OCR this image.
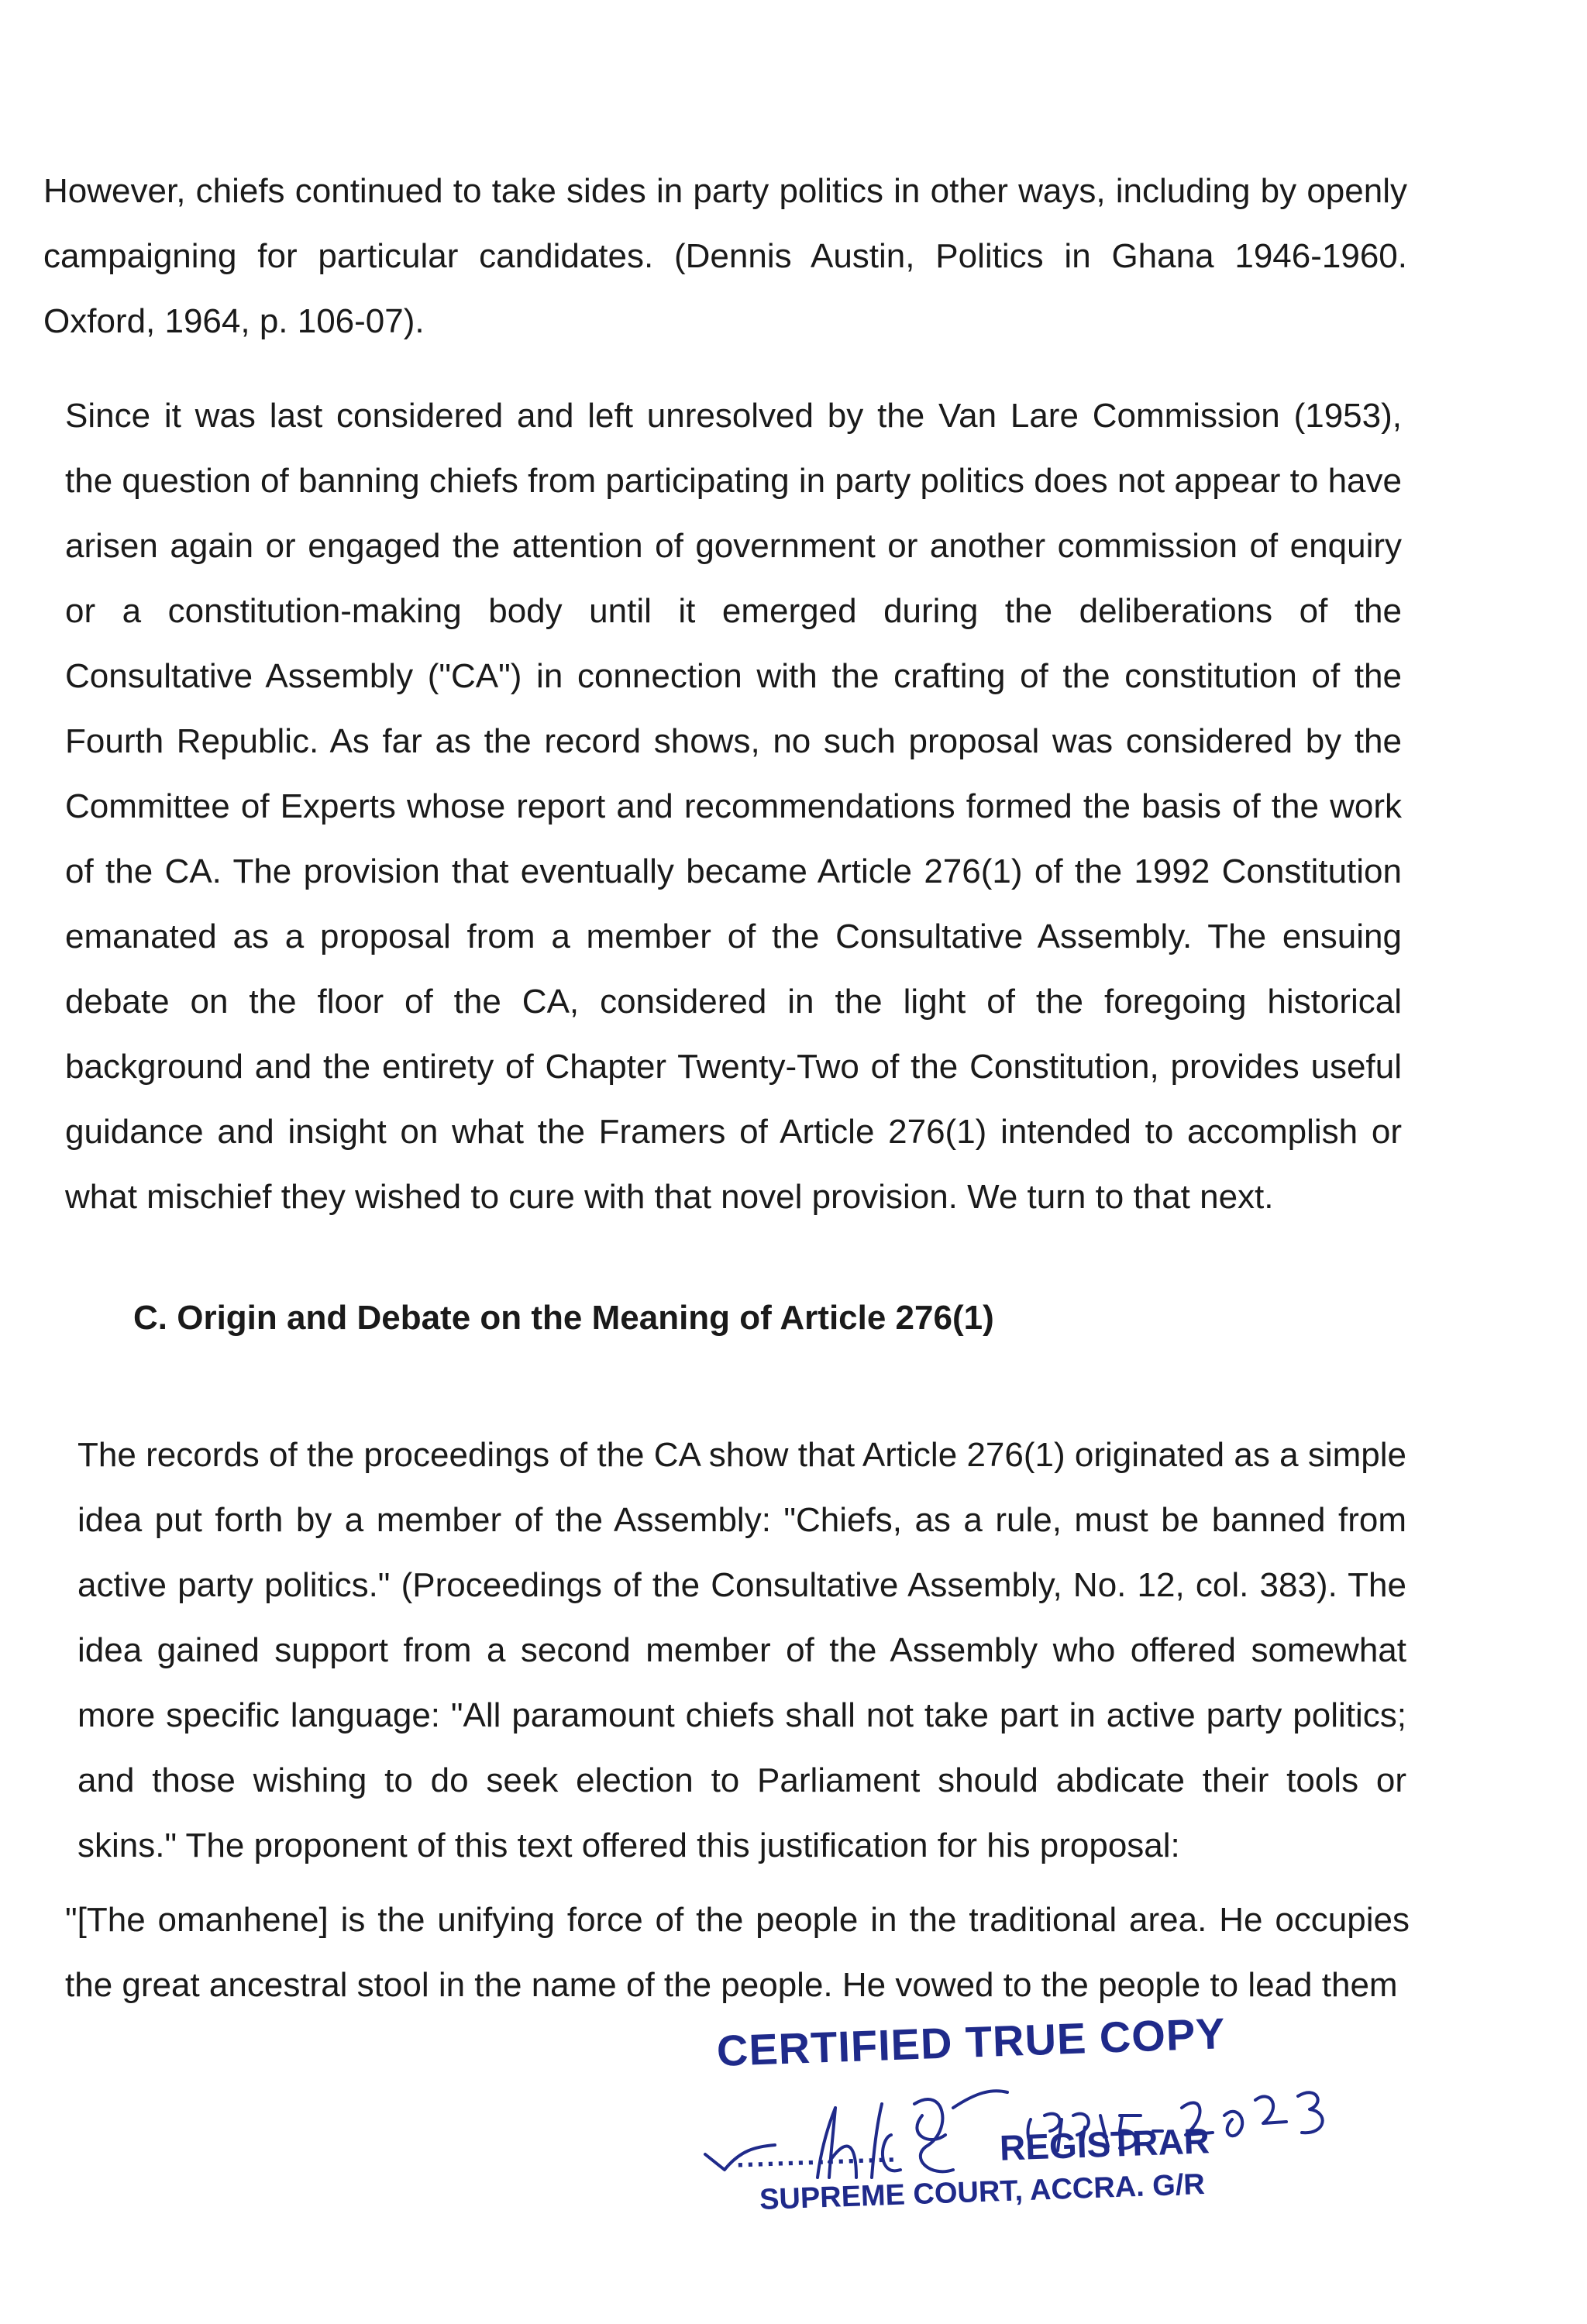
However, chiefs continued to take sides in party politics in other ways, including by openly campaigning for particular candidates. (Dennis Austin, Politics in Ghana 1946-1960. Oxford, 1964, p. 106-07).

Since it was last considered and left unresolved by the Van Lare Commission (1953), the question of banning chiefs from participating in party politics does not appear to have arisen again or engaged the attention of government or another commission of enquiry or a constitution-making body until it emerged during the deliberations of the Consultative Assembly ("CA") in connection with the crafting of the constitution of the Fourth Republic. As far as the record shows, no such proposal was considered by the Committee of Experts whose report and recommendations formed the basis of the work of the CA. The provision that eventually became Article 276(1) of the 1992 Constitution emanated as a proposal from a member of the Consultative Assembly. The ensuing debate on the floor of the CA, considered in the light of the foregoing historical background and the entirety of Chapter Twenty-Two of the Constitution, provides useful guidance and insight on what the Framers of Article 276(1) intended to accomplish or what mischief they wished to cure with that novel provision. We turn to that next.

C. Origin and Debate on the Meaning of Article 276(1)

The records of the proceedings of the CA show that Article 276(1) originated as a simple idea put forth by a member of the Assembly: "Chiefs, as a rule, must be banned from active party politics." (Proceedings of the Consultative Assembly, No. 12, col. 383). The idea gained support from a second member of the Assembly who offered somewhat more specific language: "All paramount chiefs shall not take part in active party politics; and those wishing to do seek election to Parliament should abdicate their tools or skins." The proponent of this text offered this justification for his proposal:

"[The omanhene] is the unifying force of the people in the traditional area. He occupies the great ancestral stool in the name of the people. He vowed to the people to lead them

CERTIFIED TRUE COPY
................	REGISTRAR
SUPREME COURT, ACCRA. G/R
